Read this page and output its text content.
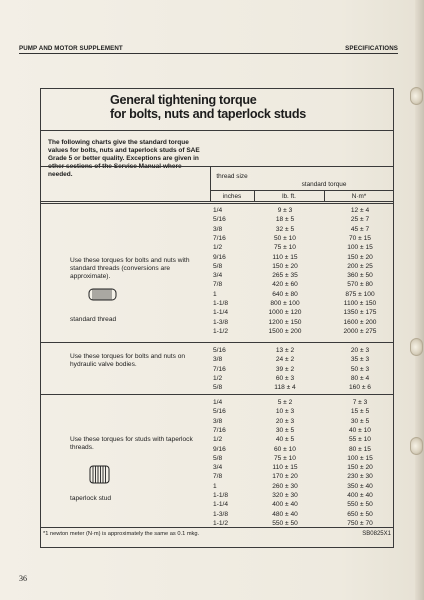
PUMP AND MOTOR SUPPLEMENT	SPECIFICATIONS
General tightening torque
for bolts, nuts and taperlock studs
The following charts give the standard torque values for bolts, nuts and taperlock studs of SAE Grade 5 or better quality. Exceptions are given in other sections of the Service Manual where needed.	thread size
standard torque
inches	lb. ft.	N·m*
Use these torques for bolts and nuts with standard threads (conversions are approximate).
standard thread
1/4	9 ± 3	12 ± 4
5/16	18 ± 5	25 ± 7
3/8	32 ± 5	45 ± 7
7/16	50 ± 10	70 ± 15
1/2	75 ± 10	100 ± 15
9/16	110 ± 15	150 ± 20
5/8	150 ± 20	200 ± 25
3/4	265 ± 35	360 ± 50
7/8	420 ± 60	570 ± 80
1	640 ± 80	875 ± 100
1-1/8	800 ± 100	1100 ± 150
1-1/4	1000 ± 120	1350 ± 175
1-3/8	1200 ± 150	1600 ± 200
1-1/2	1500 ± 200	2000 ± 275
Use these torques for bolts and nuts on hydraulic valve bodies.
5/16	13 ± 2	20 ± 3
3/8	24 ± 2	35 ± 3
7/16	39 ± 2	50 ± 3
1/2	60 ± 3	80 ± 4
5/8	118 ± 4	160 ± 6
Use these torques for studs with taperlock threads.
taperlock stud
1/4	5 ± 2	7 ± 3
5/16	10 ± 3	15 ± 5
3/8	20 ± 3	30 ± 5
7/16	30 ± 5	40 ± 10
1/2	40 ± 5	55 ± 10
9/16	60 ± 10	80 ± 15
5/8	75 ± 10	100 ± 15
3/4	110 ± 15	150 ± 20
7/8	170 ± 20	230 ± 30
1	260 ± 30	350 ± 40
1-1/8	320 ± 30	400 ± 40
1-1/4	400 ± 40	550 ± 50
1-3/8	480 ± 40	650 ± 50
1-1/2	550 ± 50	750 ± 70
*1 newton meter (N·m) is approximately the same as 0.1 mkg.	SB0825X1
36
